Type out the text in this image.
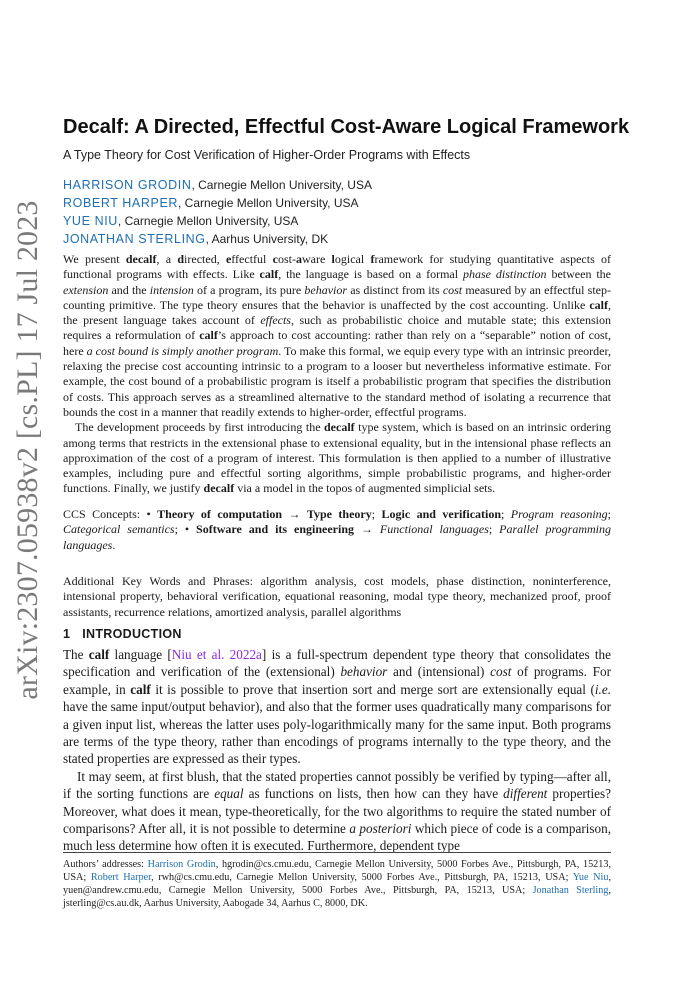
arXiv:2307.05938v2 [cs.PL] 17 Jul 2023
Decalf: A Directed, Effectful Cost-Aware Logical Framework
A Type Theory for Cost Verification of Higher-Order Programs with Effects
HARRISON GRODIN, Carnegie Mellon University, USA
ROBERT HARPER, Carnegie Mellon University, USA
YUE NIU, Carnegie Mellon University, USA
JONATHAN STERLING, Aarhus University, DK

We present decalf, a directed, effectful cost-aware logical framework for studying quantitative aspects of functional programs with effects. Like calf, the language is based on a formal phase distinction between the extension and the intension of a program, its pure behavior as distinct from its cost measured by an effectful step-counting primitive. The type theory ensures that the behavior is unaffected by the cost accounting. Unlike calf, the present language takes account of effects, such as probabilistic choice and mutable state; this extension requires a reformulation of calf’s approach to cost accounting: rather than rely on a “separable” notion of cost, here a cost bound is simply another program. To make this formal, we equip every type with an intrinsic preorder, relaxing the precise cost accounting intrinsic to a program to a looser but nevertheless informative estimate. For example, the cost bound of a probabilistic program is itself a probabilistic program that specifies the distribution of costs. This approach serves as a streamlined alternative to the standard method of isolating a recurrence that bounds the cost in a manner that readily extends to higher-order, effectful programs.

The development proceeds by first introducing the decalf type system, which is based on an intrinsic ordering among terms that restricts in the extensional phase to extensional equality, but in the intensional phase reflects an approximation of the cost of a program of interest. This formulation is then applied to a number of illustrative examples, including pure and effectful sorting algorithms, simple probabilistic programs, and higher-order functions. Finally, we justify decalf via a model in the topos of augmented simplicial sets.

CCS Concepts: • Theory of computation → Type theory; Logic and verification; Program reasoning; Categorical semantics; • Software and its engineering → Functional languages; Parallel programming languages.
Additional Key Words and Phrases: algorithm analysis, cost models, phase distinction, noninterference, intensional property, behavioral verification, equational reasoning, modal type theory, mechanized proof, proof assistants, recurrence relations, amortized analysis, parallel algorithms
1 INTRODUCTION

The calf language [Niu et al. 2022a] is a full-spectrum dependent type theory that consolidates the specification and verification of the (extensional) behavior and (intensional) cost of programs. For example, in calf it is possible to prove that insertion sort and merge sort are extensionally equal (i.e. have the same input/output behavior), and also that the former uses quadratically many comparisons for a given input list, whereas the latter uses poly-logarithmically many for the same input. Both programs are terms of the type theory, rather than encodings of programs internally to the type theory, and the stated properties are expressed as their types.

It may seem, at first blush, that the stated properties cannot possibly be verified by typing—after all, if the sorting functions are equal as functions on lists, then how can they have different properties? Moreover, what does it mean, type-theoretically, for the two algorithms to require the stated number of comparisons? After all, it is not possible to determine a posteriori which piece of code is a comparison, much less determine how often it is executed. Furthermore, dependent type

Authors’ addresses: Harrison Grodin, hgrodin@cs.cmu.edu, Carnegie Mellon University, 5000 Forbes Ave., Pittsburgh, PA, 15213, USA; Robert Harper, rwh@cs.cmu.edu, Carnegie Mellon University, 5000 Forbes Ave., Pittsburgh, PA, 15213, USA; Yue Niu, yuen@andrew.cmu.edu, Carnegie Mellon University, 5000 Forbes Ave., Pittsburgh, PA, 15213, USA; Jonathan Sterling, jsterling@cs.au.dk, Aarhus University, Aabogade 34, Aarhus C, 8000, DK.
